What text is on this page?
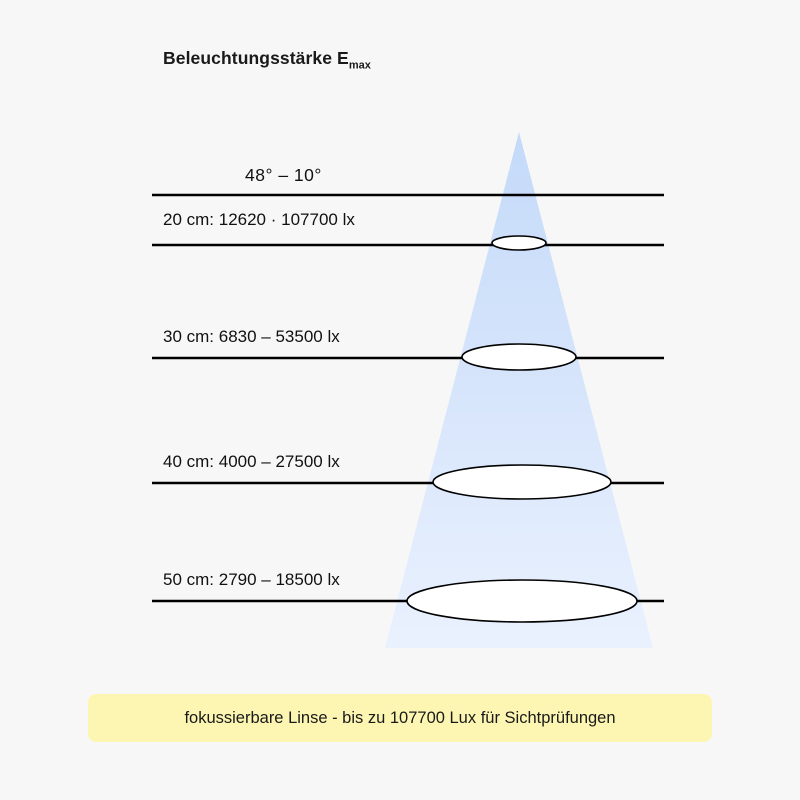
Beleuchtungsstärke $E_{max}$
48° – 10°
20 cm: 12620 · 107700 lx
30 cm: 6830 – 53500 lx
40 cm: 4000 – 27500 lx
50 cm: 2790 – 18500 lx
fokussierbare Linse - bis zu 107700 Lux für Sichtprüfungen
